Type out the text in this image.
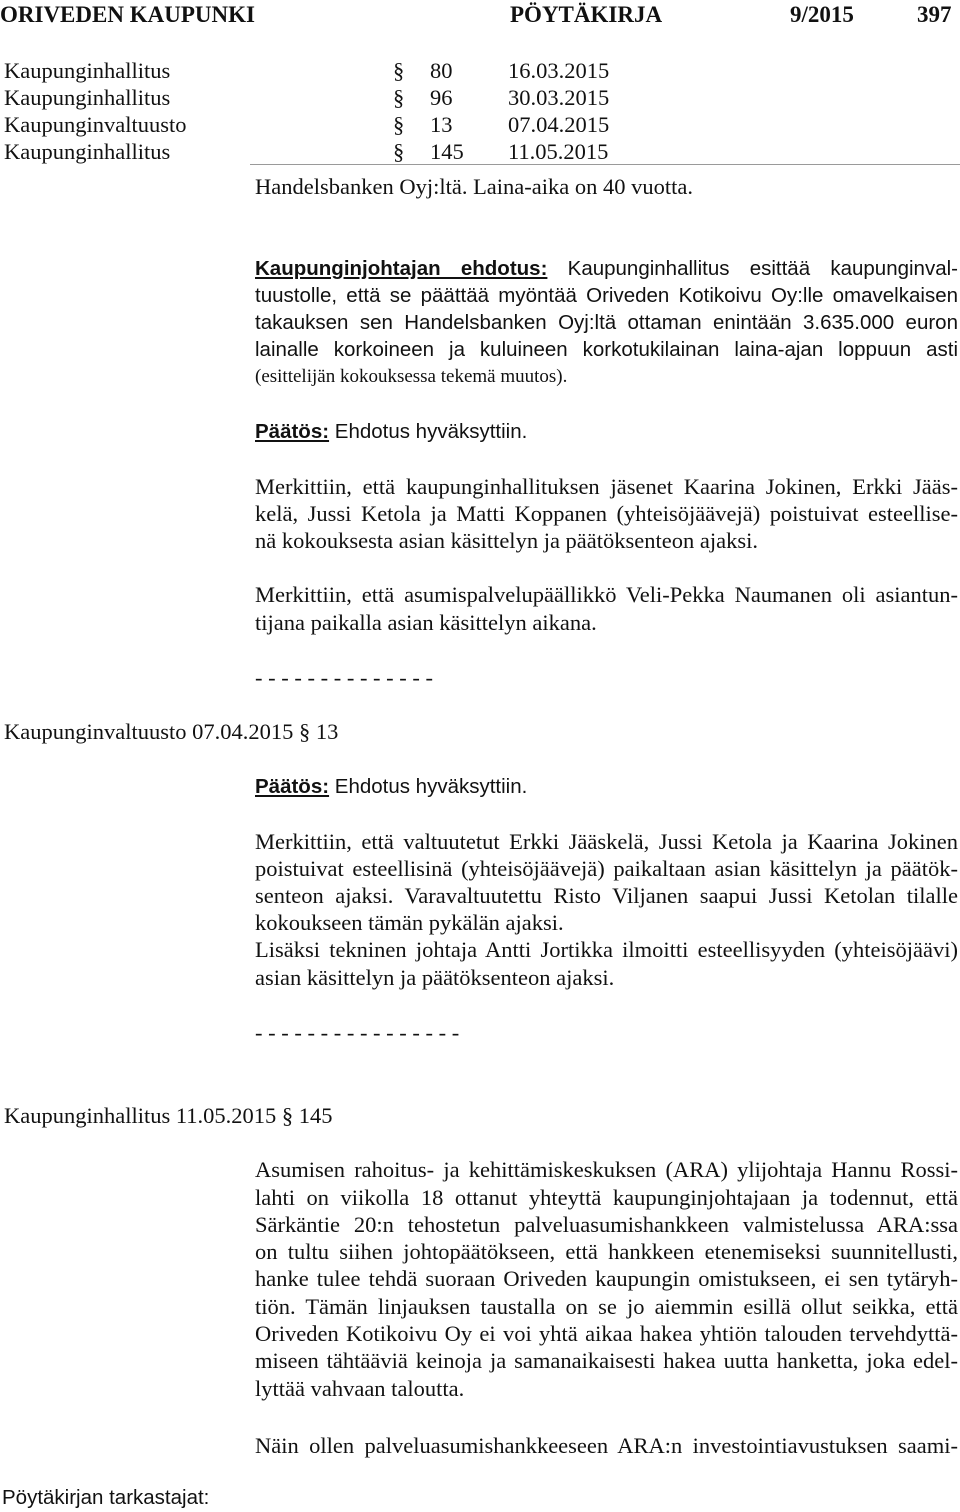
ORIVEDEN KAUPUNKI	PÖYTÄKIRJA	9/2015	397
Kaupunginhallitus	§ 80 16.03.2015
Kaupunginhallitus	§ 96 30.03.2015
Kaupunginvaltuusto	§ 13 07.04.2015
Kaupunginhallitus	§ 145 11.05.2015
Handelsbanken Oyj:ltä. Laina-aika on 40 vuotta.
Kaupunginjohtajan ehdotus: Kaupunginhallitus esittää kaupunginval-
tuustolle, että se päättää myöntää Oriveden Kotikoivu Oy:lle omavelkaisen
takauksen sen Handelsbanken Oyj:ltä ottaman enintään 3.635.000 euron
lainalle korkoineen ja kuluineen korkotukilainan laina-ajan loppuun asti
(esittelijän kokouksessa tekemä muutos).
Päätös: Ehdotus hyväksyttiin.
Merkittiin, että kaupunginhallituksen jäsenet Kaarina Jokinen, Erkki Jääs-
kelä, Jussi Ketola ja Matti Koppanen (yhteisöjäävejä) poistuivat esteellise-
nä kokouksesta asian käsittelyn ja päätöksenteon ajaksi.
Merkittiin, että asumispalvelupäällikkö Veli-Pekka Naumanen oli asiantun-
tijana paikalla asian käsittelyn aikana.
- - - - - - - - - - - - - -
Kaupunginvaltuusto 07.04.2015 § 13
Päätös: Ehdotus hyväksyttiin.
Merkittiin, että valtuutetut Erkki Jääskelä, Jussi Ketola ja Kaarina Jokinen
poistuivat esteellisinä (yhteisöjäävejä) paikaltaan asian käsittelyn ja päätök-
senteon ajaksi. Varavaltuutettu Risto Viljanen saapui Jussi Ketolan tilalle
kokoukseen tämän pykälän ajaksi.
Lisäksi tekninen johtaja Antti Jortikka ilmoitti esteellisyyden (yhteisöjäävi)
asian käsittelyn ja päätöksenteon ajaksi.
- - - - - - - - - - - - - - - -
Kaupunginhallitus 11.05.2015 § 145
Asumisen rahoitus- ja kehittämiskeskuksen (ARA) ylijohtaja Hannu Rossi-
lahti on viikolla 18 ottanut yhteyttä kaupunginjohtajaan ja todennut, että
Särkäntie 20:n tehostetun palveluasumishankkeen valmistelussa ARA:ssa
on tultu siihen johtopäätökseen, että hankkeen etenemiseksi suunnitellusti,
hanke tulee tehdä suoraan Oriveden kaupungin omistukseen, ei sen tytäryh-
tiön. Tämän linjauksen taustalla on se jo aiemmin esillä ollut seikka, että
Oriveden Kotikoivu Oy ei voi yhtä aikaa hakea yhtiön talouden tervehdyttä-
miseen tähtääviä keinoja ja samanaikaisesti hakea uutta hanketta, joka edel-
lyttää vahvaan taloutta.
Näin ollen palveluasumishankkeeseen ARA:n investointiavustuksen saami-
Pöytäkirjan tarkastajat:
